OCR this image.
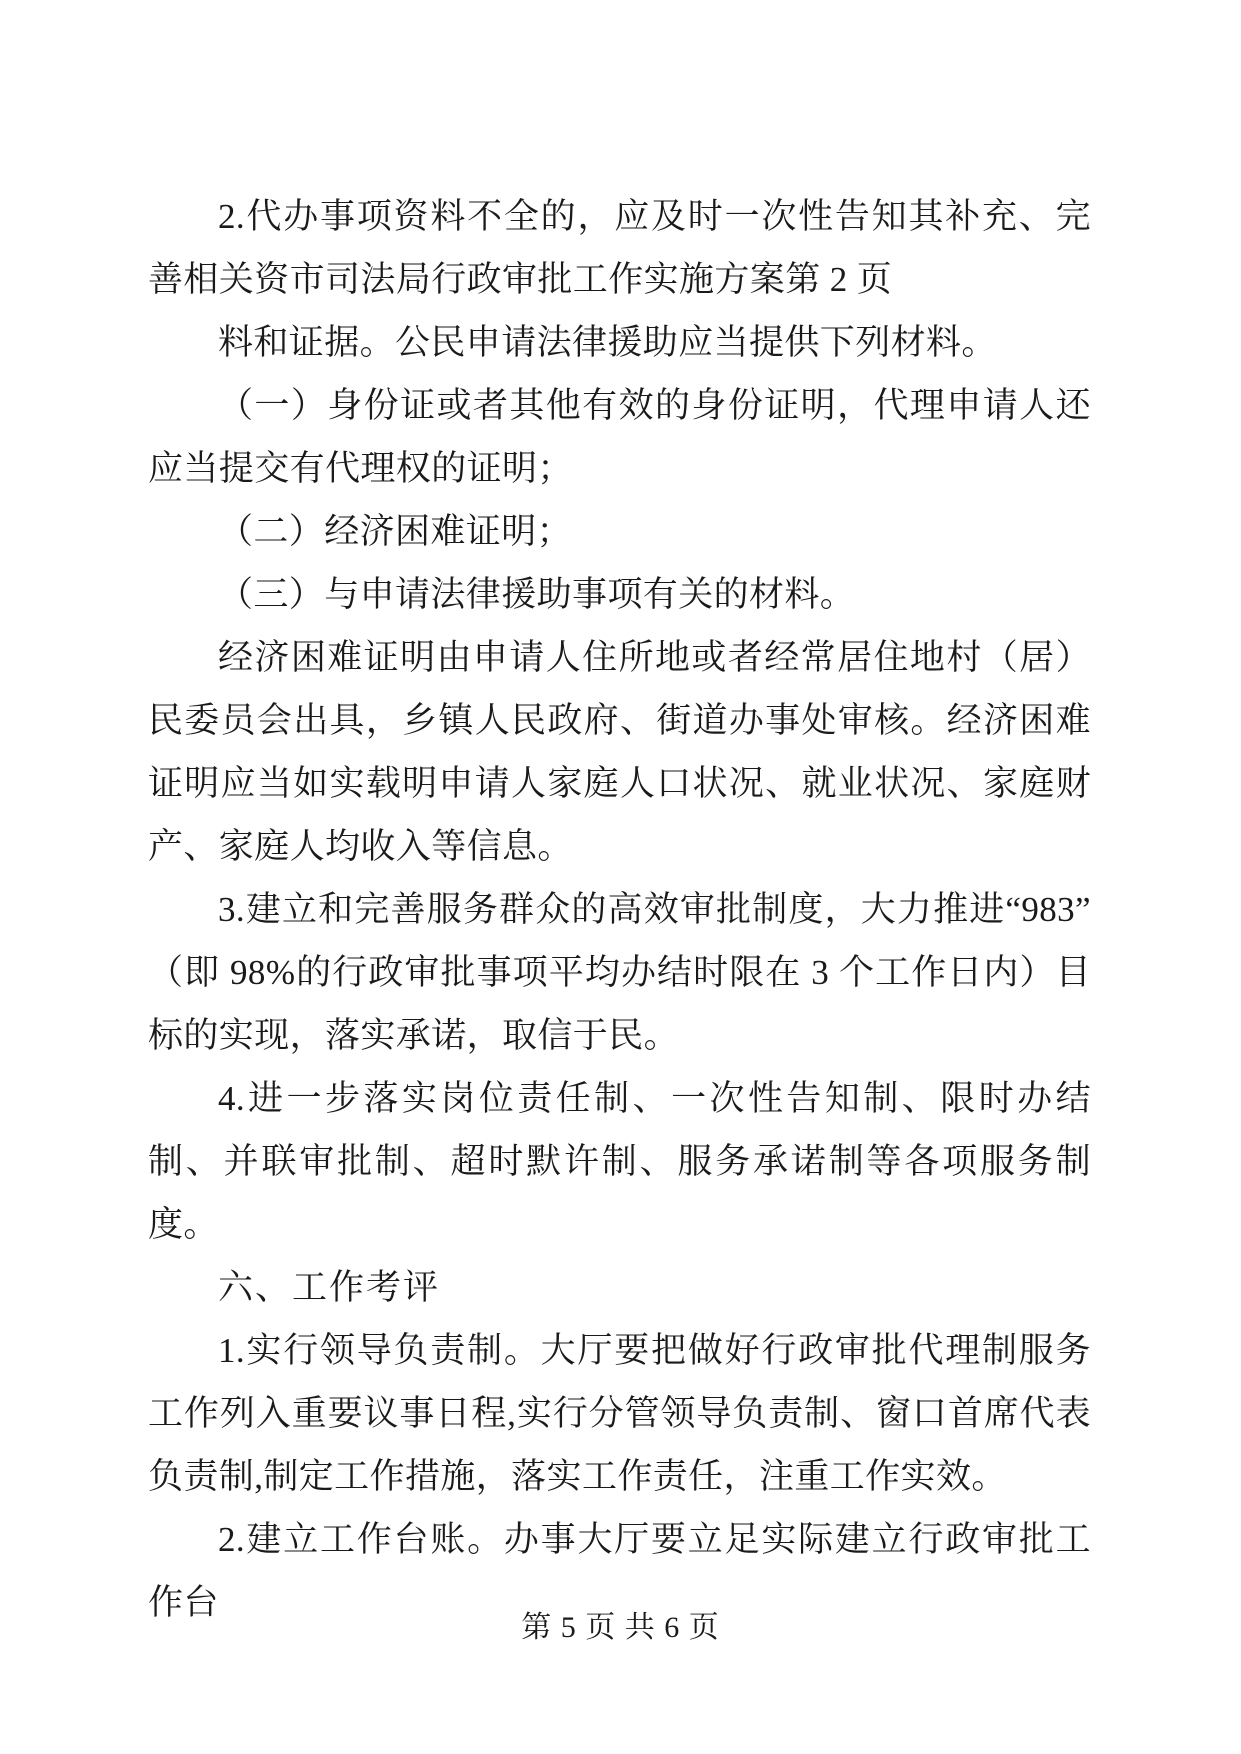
2.代办事项资料不全的，应及时一次性告知其补充、完善相关资市司法局行政审批工作实施方案第 2 页

料和证据。公民申请法律援助应当提供下列材料。

（一）身份证或者其他有效的身份证明，代理申请人还应当提交有代理权的证明；

（二）经济困难证明；

（三）与申请法律援助事项有关的材料。

经济困难证明由申请人住所地或者经常居住地村（居）民委员会出具，乡镇人民政府、街道办事处审核。经济困难证明应当如实载明申请人家庭人口状况、就业状况、家庭财产、家庭人均收入等信息。

3.建立和完善服务群众的高效审批制度，大力推进“983”（即 98%的行政审批事项平均办结时限在 3 个工作日内）目标的实现，落实承诺，取信于民。

4.进一步落实岗位责任制、一次性告知制、限时办结制、并联审批制、超时默许制、服务承诺制等各项服务制度。

六、工作考评

1.实行领导负责制。大厅要把做好行政审批代理制服务工作列入重要议事日程,实行分管领导负责制、窗口首席代表负责制,制定工作措施，落实工作责任，注重工作实效。

2.建立工作台账。办事大厅要立足实际建立行政审批工作台

第 5 页 共 6 页
